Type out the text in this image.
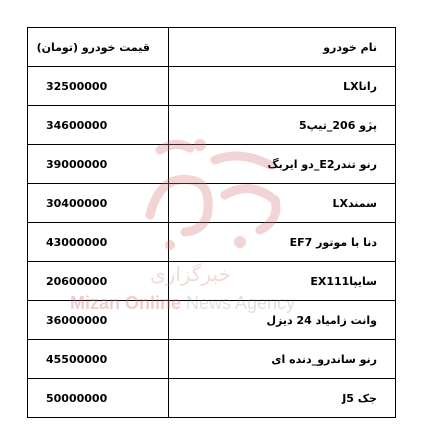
نام خودرو	قیمت خودرو (تومان)
راناLX	32500000
پژو 206_تیپ5	34600000
رنو تندرE2_دو ایربگ	39000000
سمندLX	30400000
دنا با موتور EF7	43000000
سایپاEX111	20600000
وانت زامیاد 24 دیزل	36000000
رنو ساندرو_دنده ای	45500000
جک J5	50000000
خبرگزاری
Mizan Online News Agency
